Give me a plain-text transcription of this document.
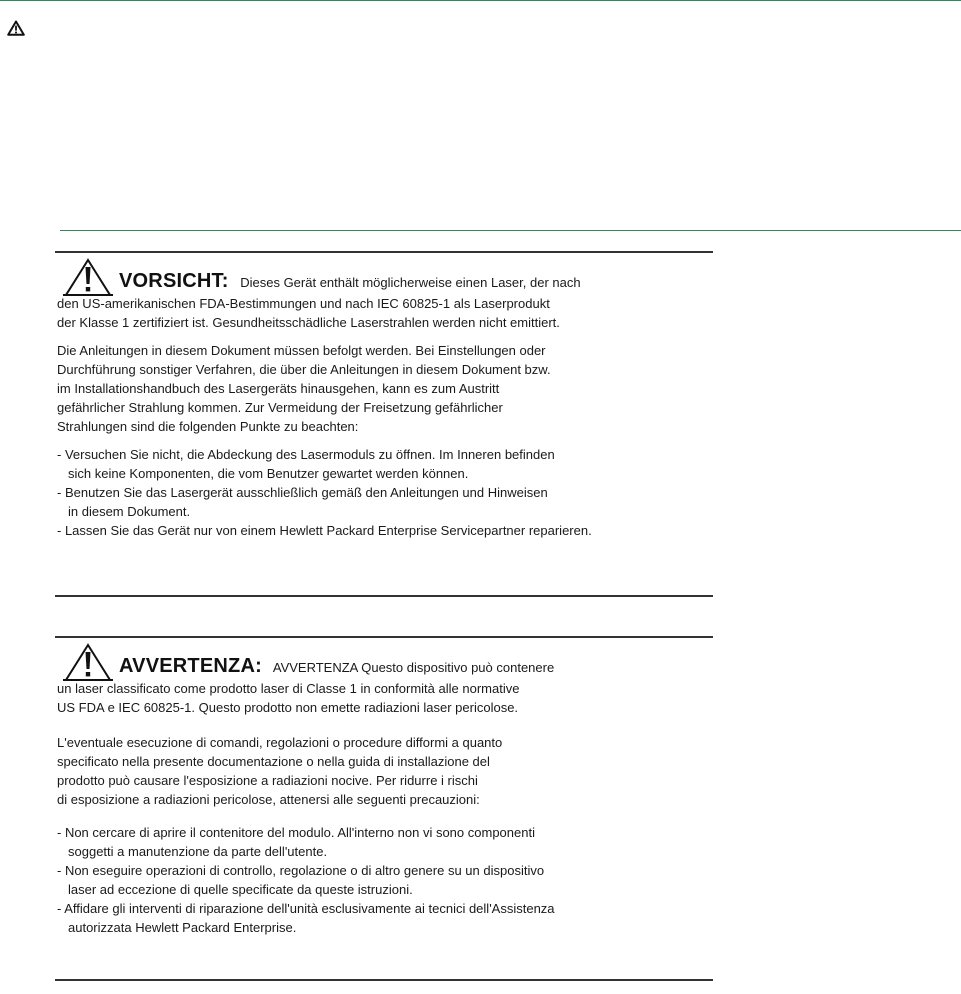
VORSICHT: Dieses Gerät enthält möglicherweise einen Laser, der nach
den US-amerikanischen FDA-Bestimmungen und nach IEC 60825-1 als Laserprodukt
der Klasse 1 zertifiziert ist. Gesundheitsschädliche Laserstrahlen werden nicht emittiert.
Die Anleitungen in diesem Dokument müssen befolgt werden. Bei Einstellungen oder
Durchführung sonstiger Verfahren, die über die Anleitungen in diesem Dokument bzw.
im Installationshandbuch des Lasergeräts hinausgehen, kann es zum Austritt
gefährlicher Strahlung kommen. Zur Vermeidung der Freisetzung gefährlicher
Strahlungen sind die folgenden Punkte zu beachten:
- Versuchen Sie nicht, die Abdeckung des Lasermoduls zu öffnen. Im Inneren befinden
sich keine Komponenten, die vom Benutzer gewartet werden können.
- Benutzen Sie das Lasergerät ausschließlich gemäß den Anleitungen und Hinweisen
in diesem Dokument.
- Lassen Sie das Gerät nur von einem Hewlett Packard Enterprise Servicepartner reparieren.
AVVERTENZA: AVVERTENZA Questo dispositivo può contenere
un laser classificato come prodotto laser di Classe 1 in conformità alle normative
US FDA e IEC 60825-1. Questo prodotto non emette radiazioni laser pericolose.
L'eventuale esecuzione di comandi, regolazioni o procedure difformi a quanto
specificato nella presente documentazione o nella guida di installazione del
prodotto può causare l'esposizione a radiazioni nocive. Per ridurre i rischi
di esposizione a radiazioni pericolose, attenersi alle seguenti precauzioni:
- Non cercare di aprire il contenitore del modulo. All'interno non vi sono componenti
soggetti a manutenzione da parte dell'utente.
- Non eseguire operazioni di controllo, regolazione o di altro genere su un dispositivo
laser ad eccezione di quelle specificate da queste istruzioni.
- Affidare gli interventi di riparazione dell'unità esclusivamente ai tecnici dell'Assistenza
autorizzata Hewlett Packard Enterprise.
